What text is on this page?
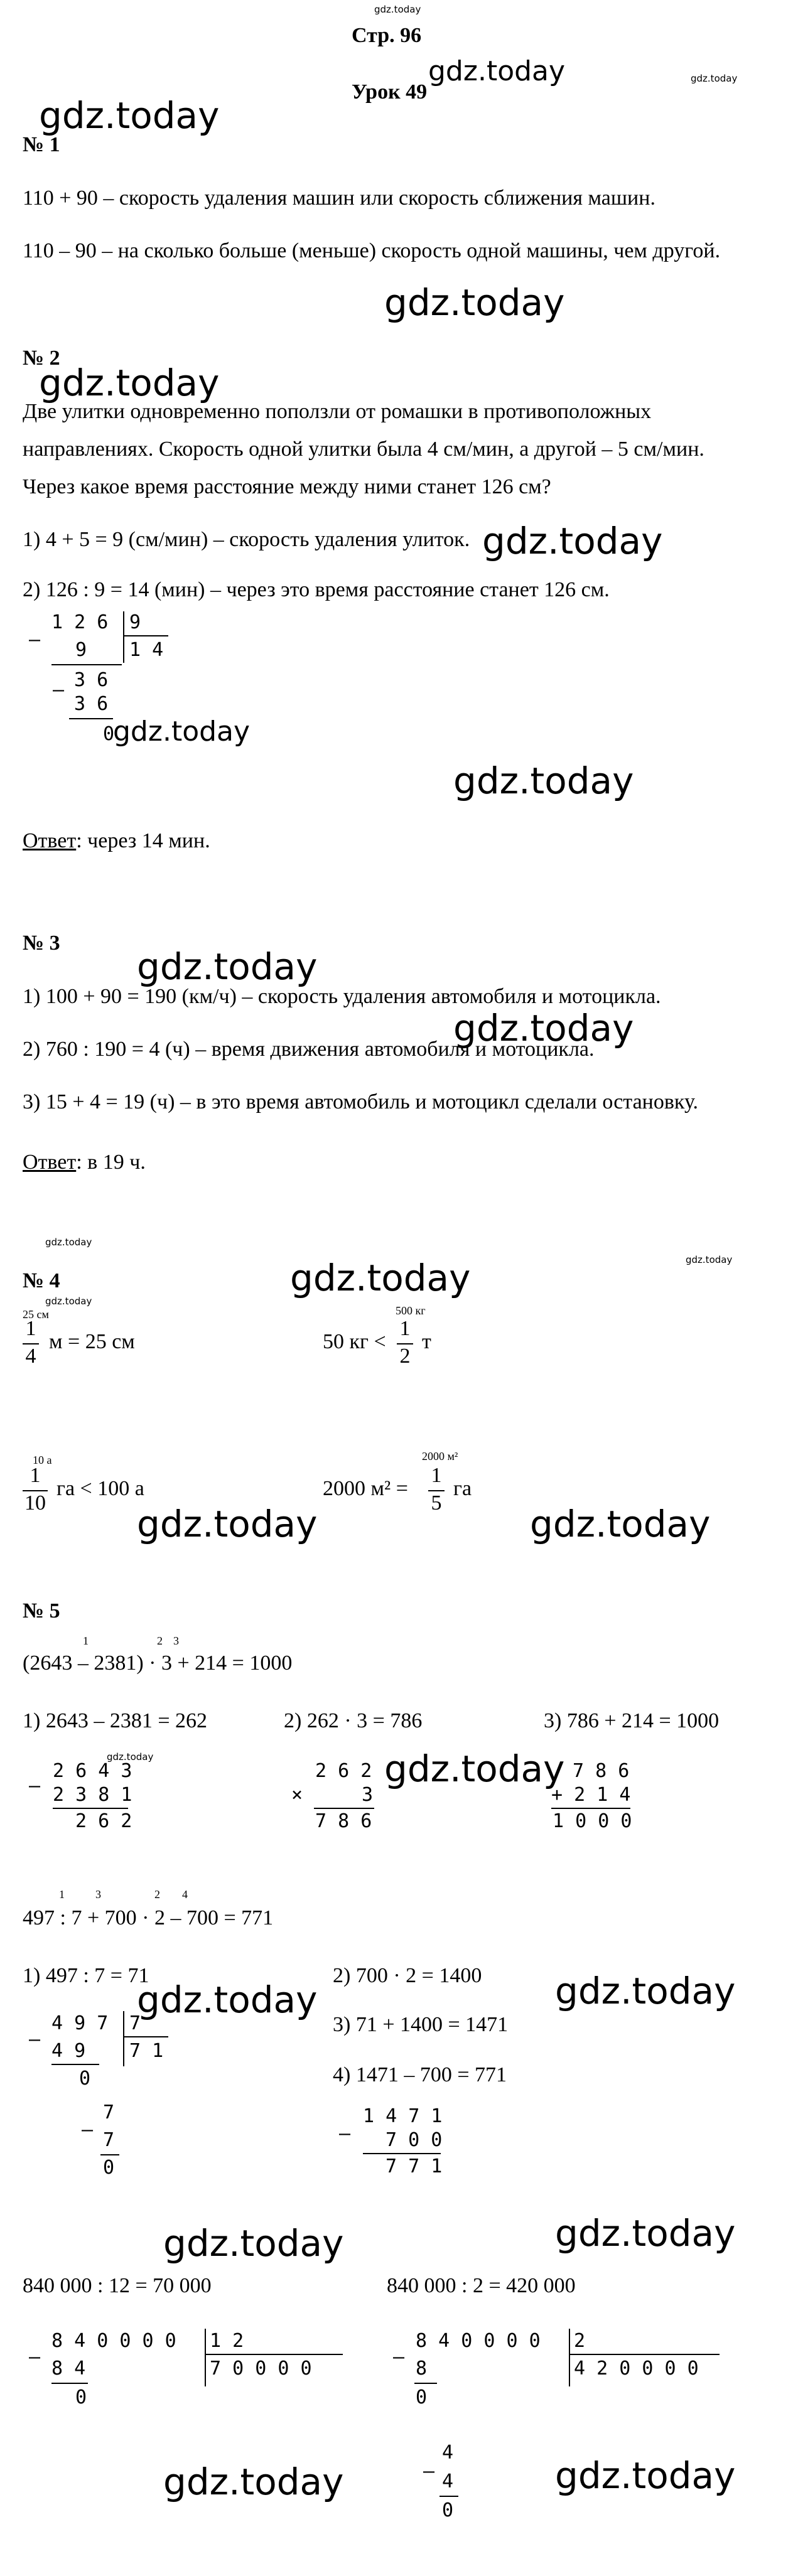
gdz.today
Стр. 96
Урок 49
gdz.today	gdz.today
gdz.today
№ 1
110 + 90 – скорость удаления машин или скорость сближения машин.
110 – 90 – на сколько больше (меньше) скорость одной машины, чем другой.
gdz.today
№ 2
gdz.today
Две улитки одновременно поползли от ромашки в противоположных
направлениях. Скорость одной улитки была 4 см/мин, а другой – 5 см/мин.
Через какое время расстояние между ними станет 126 см?
1) 4 + 5 = 9 (см/мин) – скорость удаления улиток. gdz.today
2) 126 : 9 = 14 (мин) – через это время расстояние станет 126 см.
–
1 2 6 9
1 4
9
– 3 6
3 6
0
gdz.today
gdz.today
Ответ: через 14 мин.
№ 3
gdz.today
1) 100 + 90 = 190 (км/ч) – скорость удаления автомобиля и мотоцикла.
gdz.today
2) 760 : 190 = 4 (ч) – время движения автомобиля и мотоцикла.
3) 15 + 4 = 19 (ч) – в это время автомобиль и мотоцикл сделали остановку.
Ответ: в 19 ч.
gdz.today
gdz.today
№ 4	gdz.today
gdz.today
25 см
1
4
м = 25 см
500 кг
50 кг <
1
2
т
10 а
1
10
га < 100 а
2000 м²
2000 м² =
1
5
га
gdz.today	gdz.today
№ 5
1	2 3
(2643 – 2381) · 3 + 214 = 1000
1) 2643 – 2381 = 262	2) 262 · 3 = 786	3) 786 + 214 = 1000
–
2 6 4 3
2 3 8 1
2 6 2
gdz.today
×
2 6 2
3
7 8 6
gdz.today 7 8 6
+ 2 1 4
1 0 0 0
1	3	2 4
497 : 7 + 700 · 2 – 700 = 771
1) 497 : 7 = 71	2) 700 · 2 = 1400
gdz.today	gdz.today
3) 71 + 1400 = 1471
4) 1471 – 700 = 771
–
4 9 7 7
7 1
4 9
0
–
7
7
0
–
1 4 7 1
7 0 0
7 7 1
gdz.today	gdz.today
840 000 : 12 = 70 000	840 000 : 2 = 420 000
–
8 4 0 0 0 0 1 2
7 0 0 0 0
8 4
0
–
8 4 0 0 0 0 2
4 2 0 0 0 0
8
0
–
4
4
0
gdz.today	gdz.today
